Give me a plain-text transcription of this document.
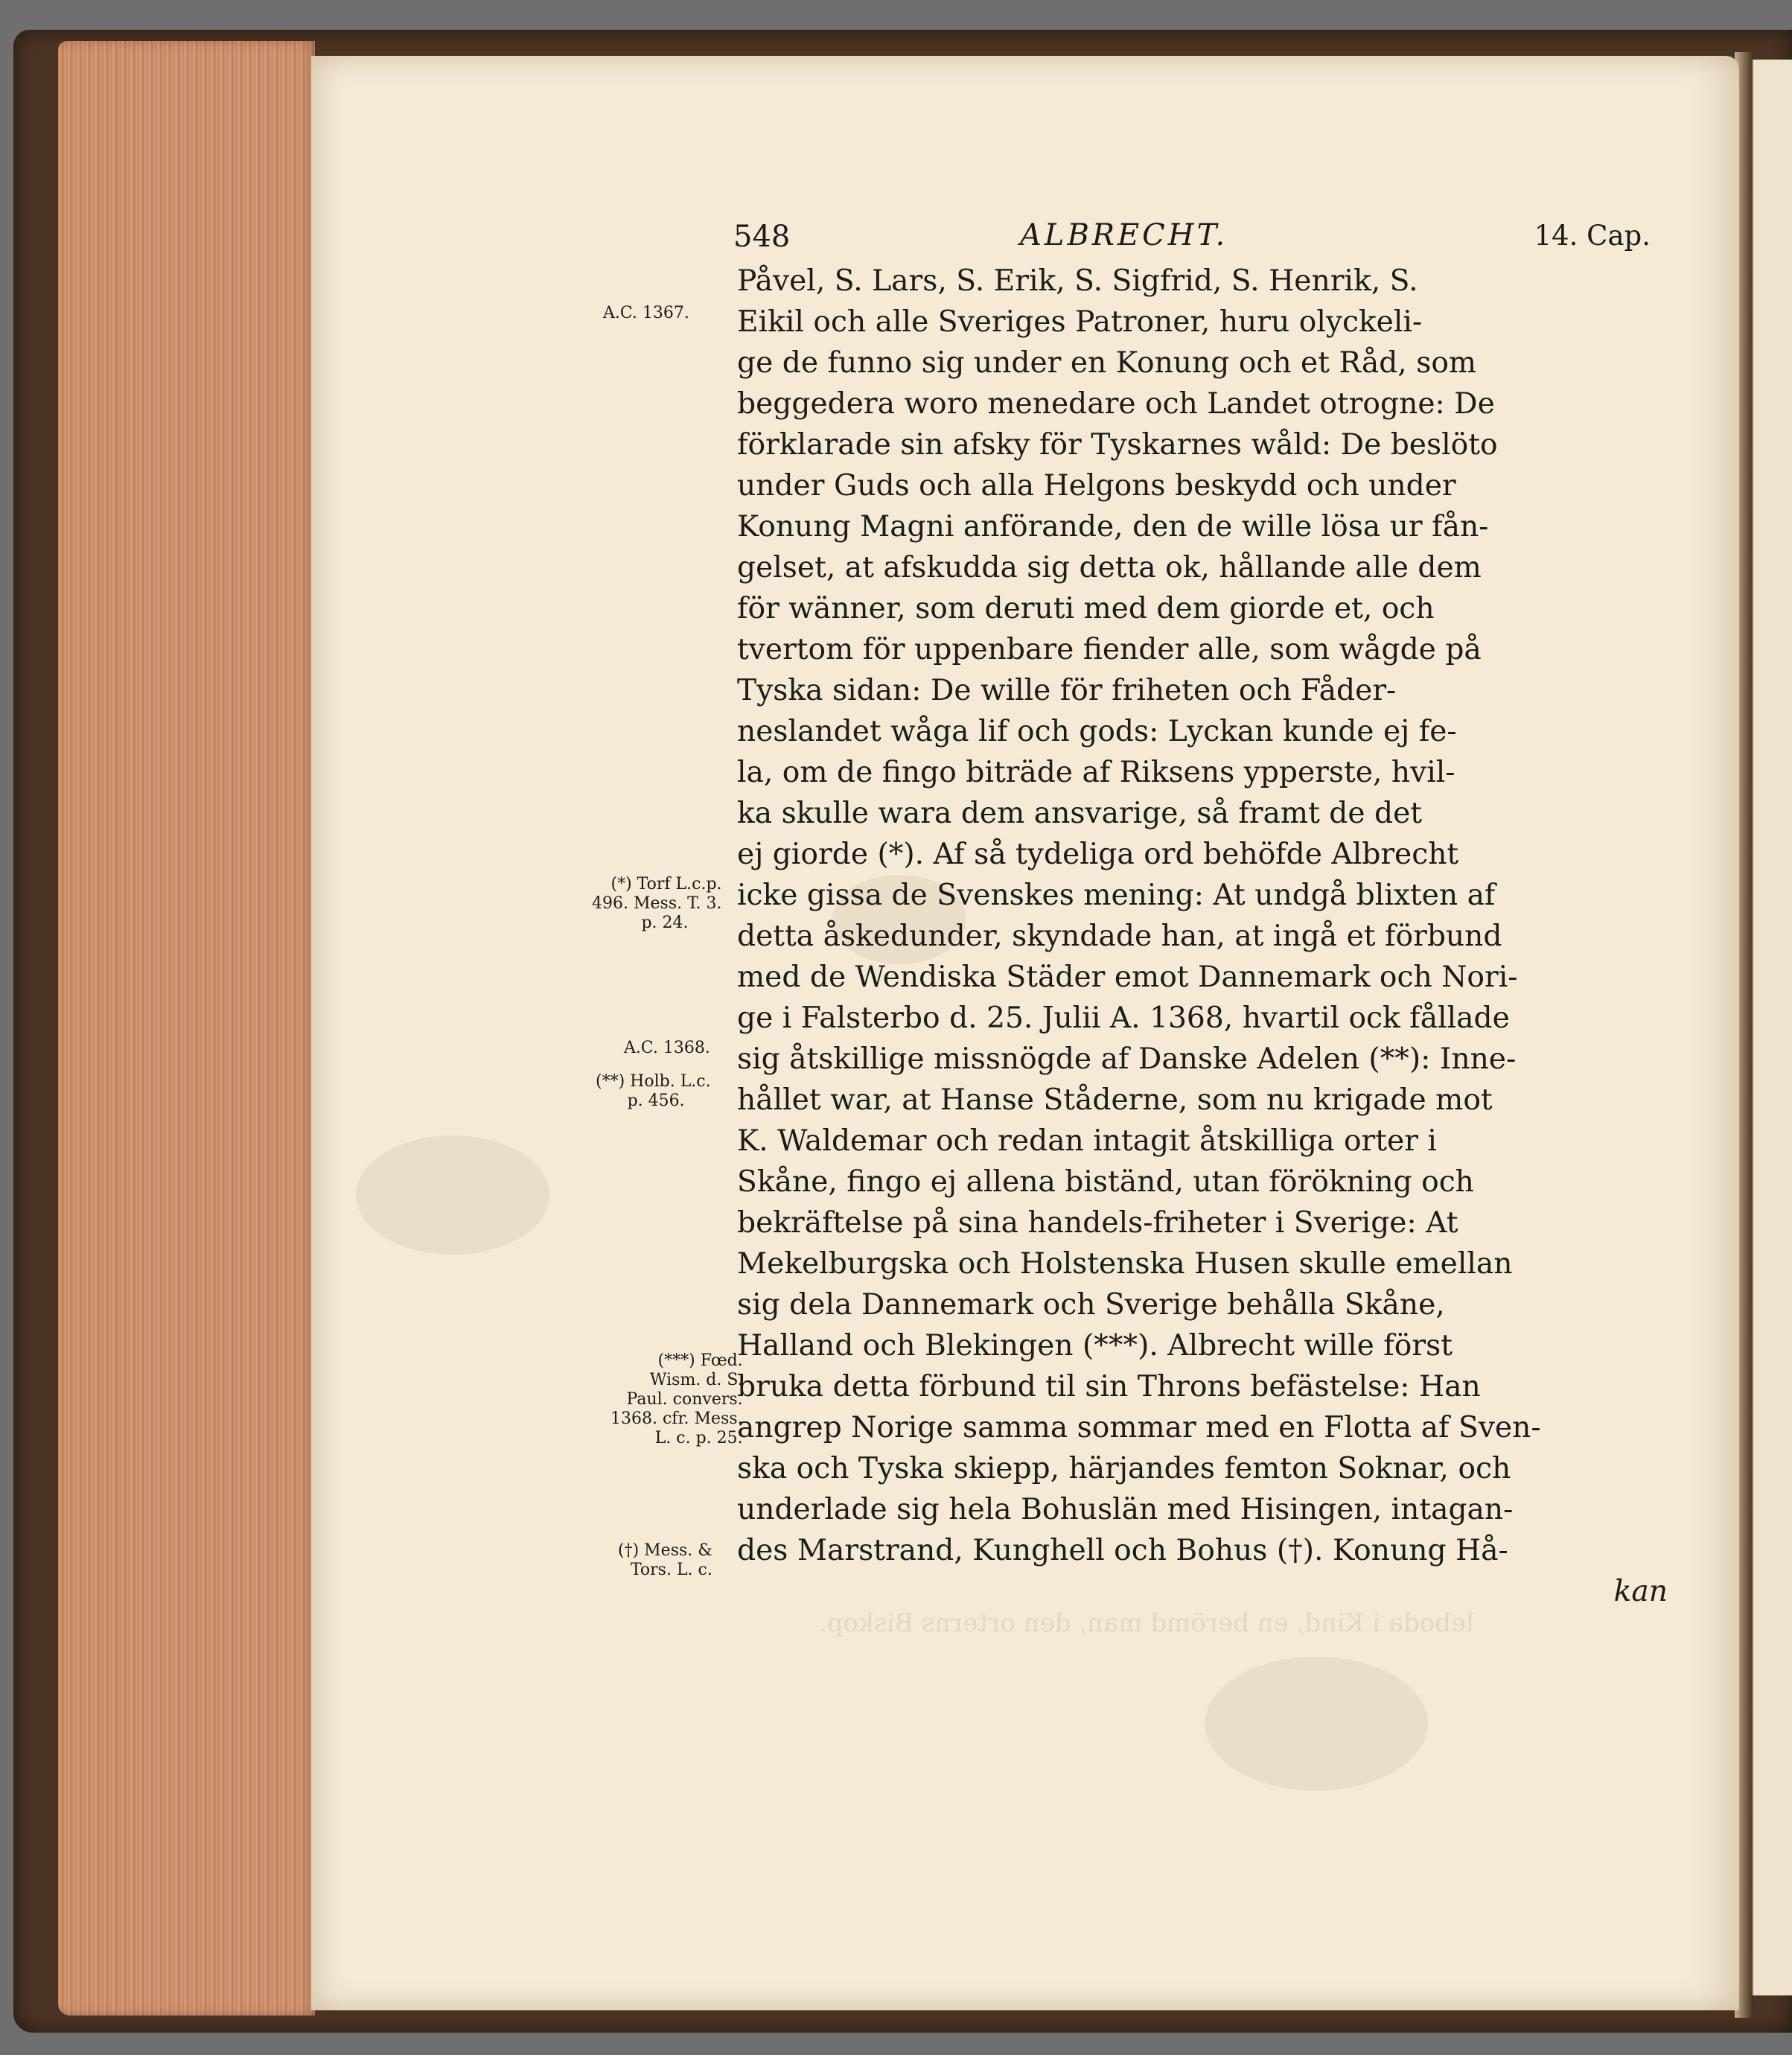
leboda i Kind, en berömd man, den orterns Biskop.
548	ALBRECHT.	14. Cap.
Påvel, S. Lars, S. Erik, S. Sigfrid, S. Henrik, S.
Eikil och alle Sveriges Patroner, huru olyckeli-
ge de funno sig under en Konung och et Råd, som
beggedera woro menedare och Landet otrogne: De
förklarade sin afsky för Tyskarnes wåld: De beslöto
under Guds och alla Helgons beskydd och under
Konung Magni anförande, den de wille lösa ur fån-
gelset, at afskudda sig detta ok, hållande alle dem
för wänner, som deruti med dem giorde et, och
tvertom för uppenbare fiender alle, som wågde på
Tyska sidan: De wille för friheten och Fåder-
neslandet wåga lif och gods: Lyckan kunde ej fe-
la, om de fingo biträde af Riksens ypperste, hvil-
ka skulle wara dem ansvarige, så framt de det
ej giorde (*). Af så tydeliga ord behöfde Albrecht
icke gissa de Svenskes mening: At undgå blixten af
detta åskedunder, skyndade han, at ingå et förbund
med de Wendiska Städer emot Dannemark och Nori-
ge i Falsterbo d. 25. Julii A. 1368, hvartil ock fållade
sig åtskillige missnögde af Danske Adelen (**): Inne-
hållet war, at Hanse Ståderne, som nu krigade mot
K. Waldemar och redan intagit åtskilliga orter i
Skåne, fingo ej allena biständ, utan förökning och
bekräftelse på sina handels-friheter i Sverige: At
Mekelburgska och Holstenska Husen skulle emellan
sig dela Dannemark och Sverige behålla Skåne,
Halland och Blekingen (***). Albrecht wille först
bruka detta förbund til sin Throns befästelse: Han
angrep Norige samma sommar med en Flotta af Sven-
ska och Tyska skiepp, härjandes femton Soknar, och
underlade sig hela Bohuslän med Hisingen, intagan-
des Marstrand, Kunghell och Bohus (†). Konung Hå-
kan
A.C. 1367.
(*) Torf L.c.p.
496. Mess. T. 3.
p. 24.
A.C. 1368.
(**) Holb. L.c.
p. 456.
(***) Fœd.
Wism. d. S.
Paul. convers.
1368. cfr. Mess.
L. c. p. 25.
(†) Mess. &
Tors. L. c.
